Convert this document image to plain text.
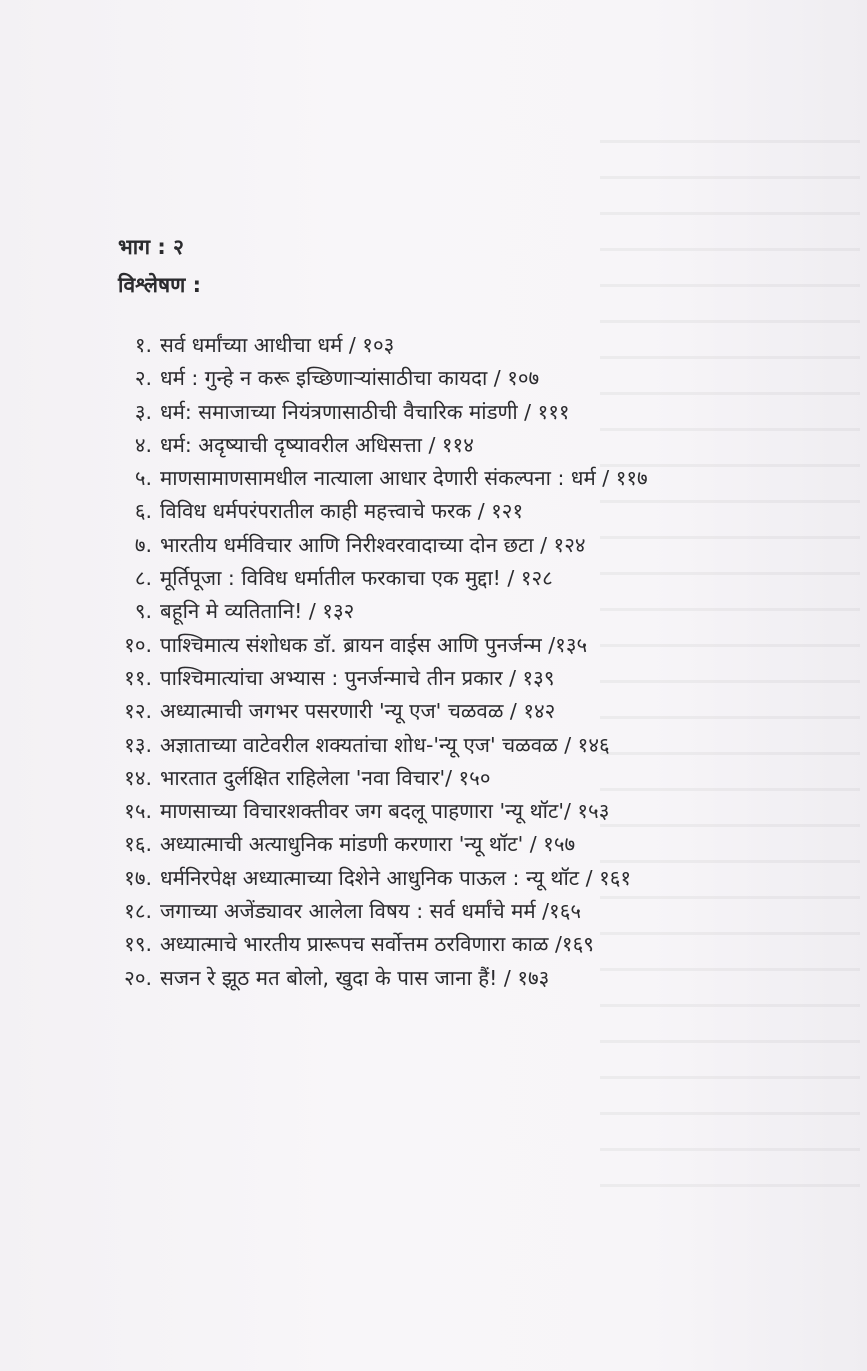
भाग : २
विश्लेषण :
१. सर्व धर्मांच्या आधीचा धर्म / १०३
२. धर्म : गुन्हे न करू इच्छिणाऱ्यांसाठीचा कायदा / १०७
३. धर्म: समाजाच्या नियंत्रणासाठीची वैचारिक मांडणी / १११
४. धर्म: अदृष्याची दृष्यावरील अधिसत्ता / ११४
५. माणसामाणसामधील नात्याला आधार देणारी संकल्पना : धर्म / ११७
६. विविध धर्मपरंपरातील काही महत्त्वाचे फरक / १२१
७. भारतीय धर्मविचार आणि निरीश्वरवादाच्या दोन छटा / १२४
८. मूर्तिपूजा : विविध धर्मातील फरकाचा एक मुद्दा! / १२८
९. बहूनि मे व्यतितानि! / १३२
१०. पाश्चिमात्य संशोधक डॉ. ब्रायन वाईस आणि पुनर्जन्म /१३५
११. पाश्चिमात्यांचा अभ्यास : पुनर्जन्माचे तीन प्रकार / १३९
१२. अध्यात्माची जगभर पसरणारी 'न्यू एज' चळवळ / १४२
१३. अज्ञाताच्या वाटेवरील शक्यतांचा शोध-'न्यू एज' चळवळ / १४६
१४. भारतात दुर्लक्षित राहिलेला 'नवा विचार'/ १५०
१५. माणसाच्या विचारशक्तीवर जग बदलू पाहणारा 'न्यू थॉट'/ १५३
१६. अध्यात्माची अत्याधुनिक मांडणी करणारा 'न्यू थॉट' / १५७
१७. धर्मनिरपेक्ष अध्यात्माच्या दिशेने आधुनिक पाऊल : न्यू थॉट / १६१
१८. जगाच्या अजेंड्यावर आलेला विषय : सर्व धर्मांचे मर्म /१६५
१९. अध्यात्माचे भारतीय प्रारूपच सर्वोत्तम ठरविणारा काळ /१६९
२०. सजन रे झूठ मत बोलो, खुदा के पास जाना हैं! / १७३
